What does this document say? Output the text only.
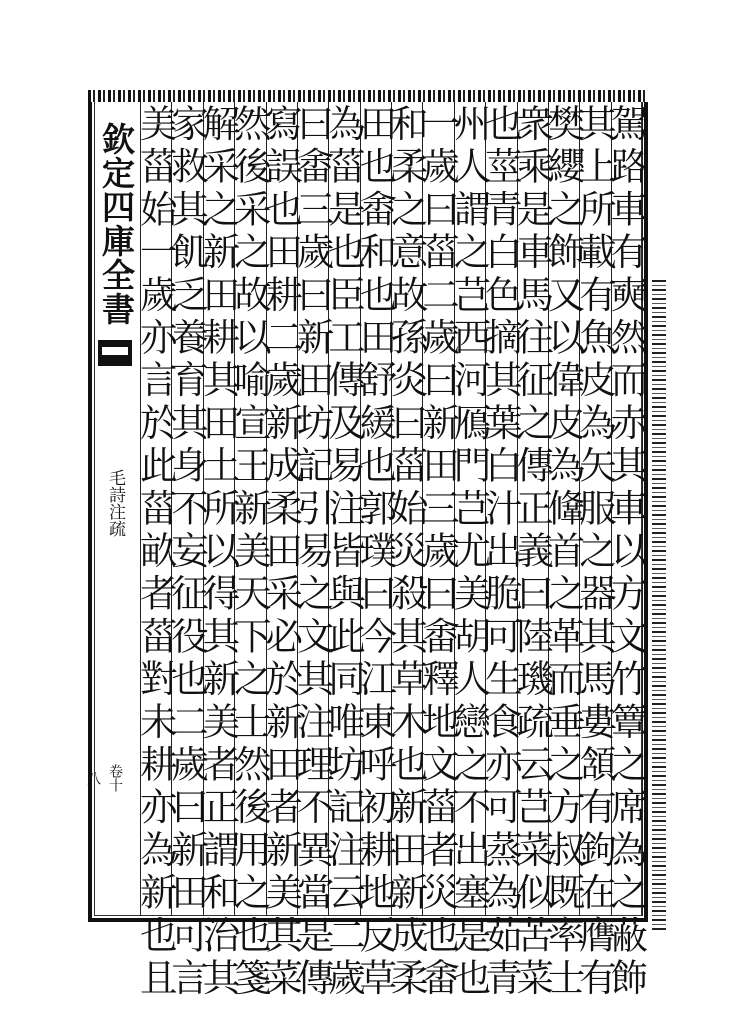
欽定四庫全書
毛詩注疏
卷十八	駕路車有奭然而赤其車以方文竹簟之席為之蔽飾
其上所載有魚皮為矢服之器其馬婁頷有鉤在膺有
樊纓之飾又以偉皮為鞗首之革而垂之方叔既率士
衆乘是車馬往征之傳正義曰陸璣疏云芑菜似苦菜
也莖青白色摘其葉白汁出脆可生食亦可蒸為茹青
州人謂之芑西河鴈門芑尤美胡人戀之不出塞是也
一歲曰菑二歲曰新田三歲曰畬釋地文菑者災也畬
和柔之意故孫炎曰菑始災殺其草木也新田新成柔
田也畬和也田舒緩也郭璞曰今江東呼初耕地反草
為菑是也臣工傳及易注皆與此同唯坊記注云二歲
曰畬三歲曰新田坊記引易之文其注理不異當是傳
寫誤也田耕二歲新成柔田采必於新田者新美其菜
然後采之故以喻宣王新美天下之士然後用之也箋
解采之新田耕其田土所以得其新美者正謂和治其
家救其飢乏養育其身不妄征役也二歲曰新田可言
美菑始一歲亦言於此菑畝者菑對未耕亦為新也且
